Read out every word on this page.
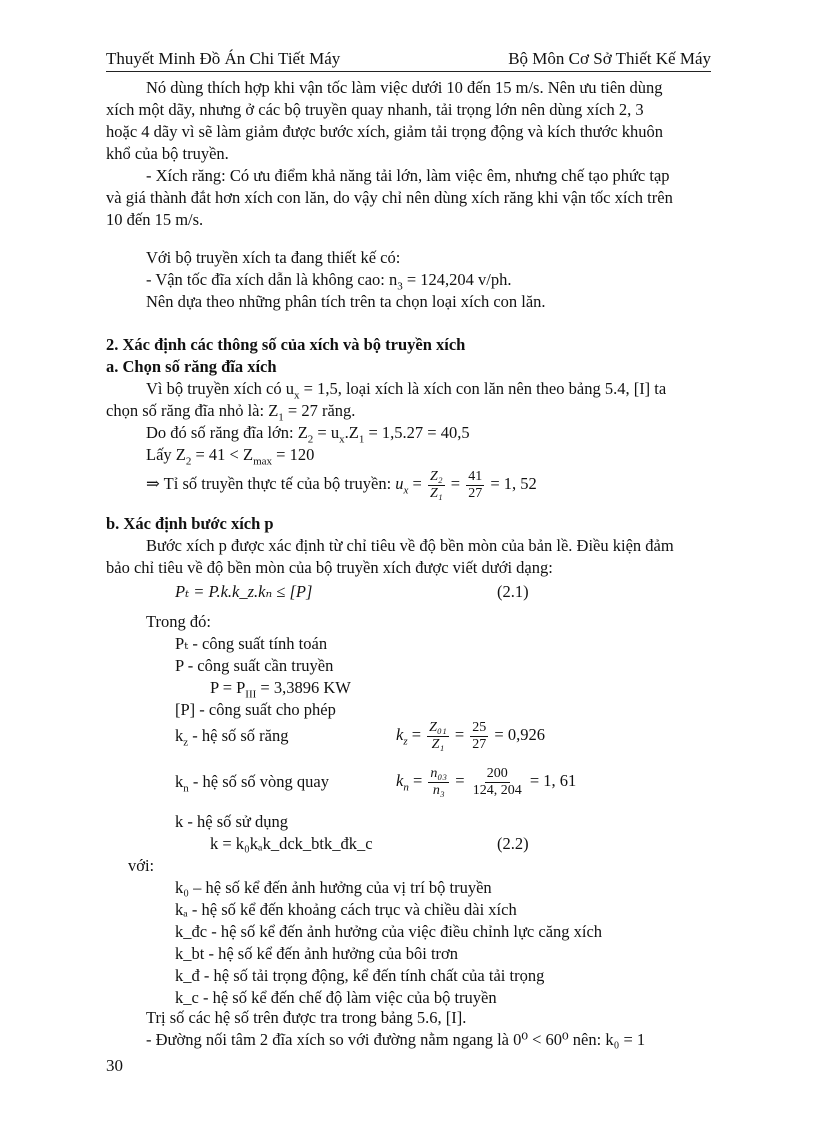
Thuyết Minh Đồ Án Chi Tiết Máy	Bộ Môn Cơ Sở Thiết Kế Máy
Nó dùng thích hợp khi vận tốc làm việc dưới 10 đến 15 m/s. Nên ưu tiên dùng
xích một dãy, nhưng ở các bộ truyền quay nhanh, tải trọng lớn nên dùng xích 2, 3
hoặc 4 dãy vì sẽ làm giảm được bước xích, giảm tải trọng động và kích thước khuôn
khổ của bộ truyền.
- Xích răng: Có ưu điểm khả năng tải lớn, làm việc êm, nhưng chế tạo phức tạp
và giá thành đắt hơn xích con lăn, do vậy chỉ nên dùng xích răng khi vận tốc xích trên
10 đến 15 m/s.
Với bộ truyền xích ta đang thiết kế có:
- Vận tốc đĩa xích dẫn là không cao: $n_3 = 124,204$ v/ph.
Nên dựa theo những phân tích trên ta chọn loại xích con lăn.
2. Xác định các thông số của xích và bộ truyền xích
a. Chọn số răng đĩa xích
Vì bộ truyền xích có $u_x = 1,5$, loại xích là xích con lăn nên theo bảng 5.4, [I] ta
chọn số răng đĩa nhỏ là: $Z_1 = 27$ răng.
Do đó số răng đĩa lớn: $Z_2 = u_x.Z_1 = 1,5.27 = 40,5$
Lấy $Z_2 = 41 < Z_{max} = 120$
⇒ Tỉ số truyền thực tế của bộ truyền: $u_x = \frac{\text{Z₂}}{\text{Z₁}} = \frac{41}{27} = 1$, 52
b. Xác định bước xích p
Bước xích p được xác định từ chỉ tiêu về độ bền mòn của bản lề. Điều kiện đảm
bảo chỉ tiêu về độ bền mòn của bộ truyền xích được viết dưới dạng:
Pₜ = P.k.k_z.kₙ ≤ [P]	(2.1)
Trong đó:
Pₜ - công suất tính toán
P - công suất cần truyền
$P = P_{III} = 3,3896$ KW
[P] - công suất cho phép
$k_z$ - hệ số số răng	$k_z = \frac{\text{Z₀₁}}{\text{Z₁}} = \frac{25}{27} = 0,926$
$k_n$ - hệ số số vòng quay	$k_n = \frac{\text{n₀₃}}{\text{n₃}} = \frac{200}{124, 204} = 1$, 61
k - hệ số sử dụng
k = k₀kₐk_dck_btk_đk_c	(2.2)
với:
k₀ – hệ số kể đến ảnh hưởng của vị trí bộ truyền
kₐ - hệ số kể đến khoảng cách trục và chiều dài xích
k_đc - hệ số kể đến ảnh hưởng của việc điều chỉnh lực căng xích
k_bt - hệ số kể đến ảnh hưởng của bôi trơn
k_đ - hệ số tải trọng động, kể đến tính chất của tải trọng
k_c - hệ số kể đến chế độ làm việc của bộ truyền
Trị số các hệ số trên được tra trong bảng 5.6, [I].
- Đường nối tâm 2 đĩa xích so với đường nằm ngang là 0⁰ < 60⁰ nên: k₀ = 1
30
